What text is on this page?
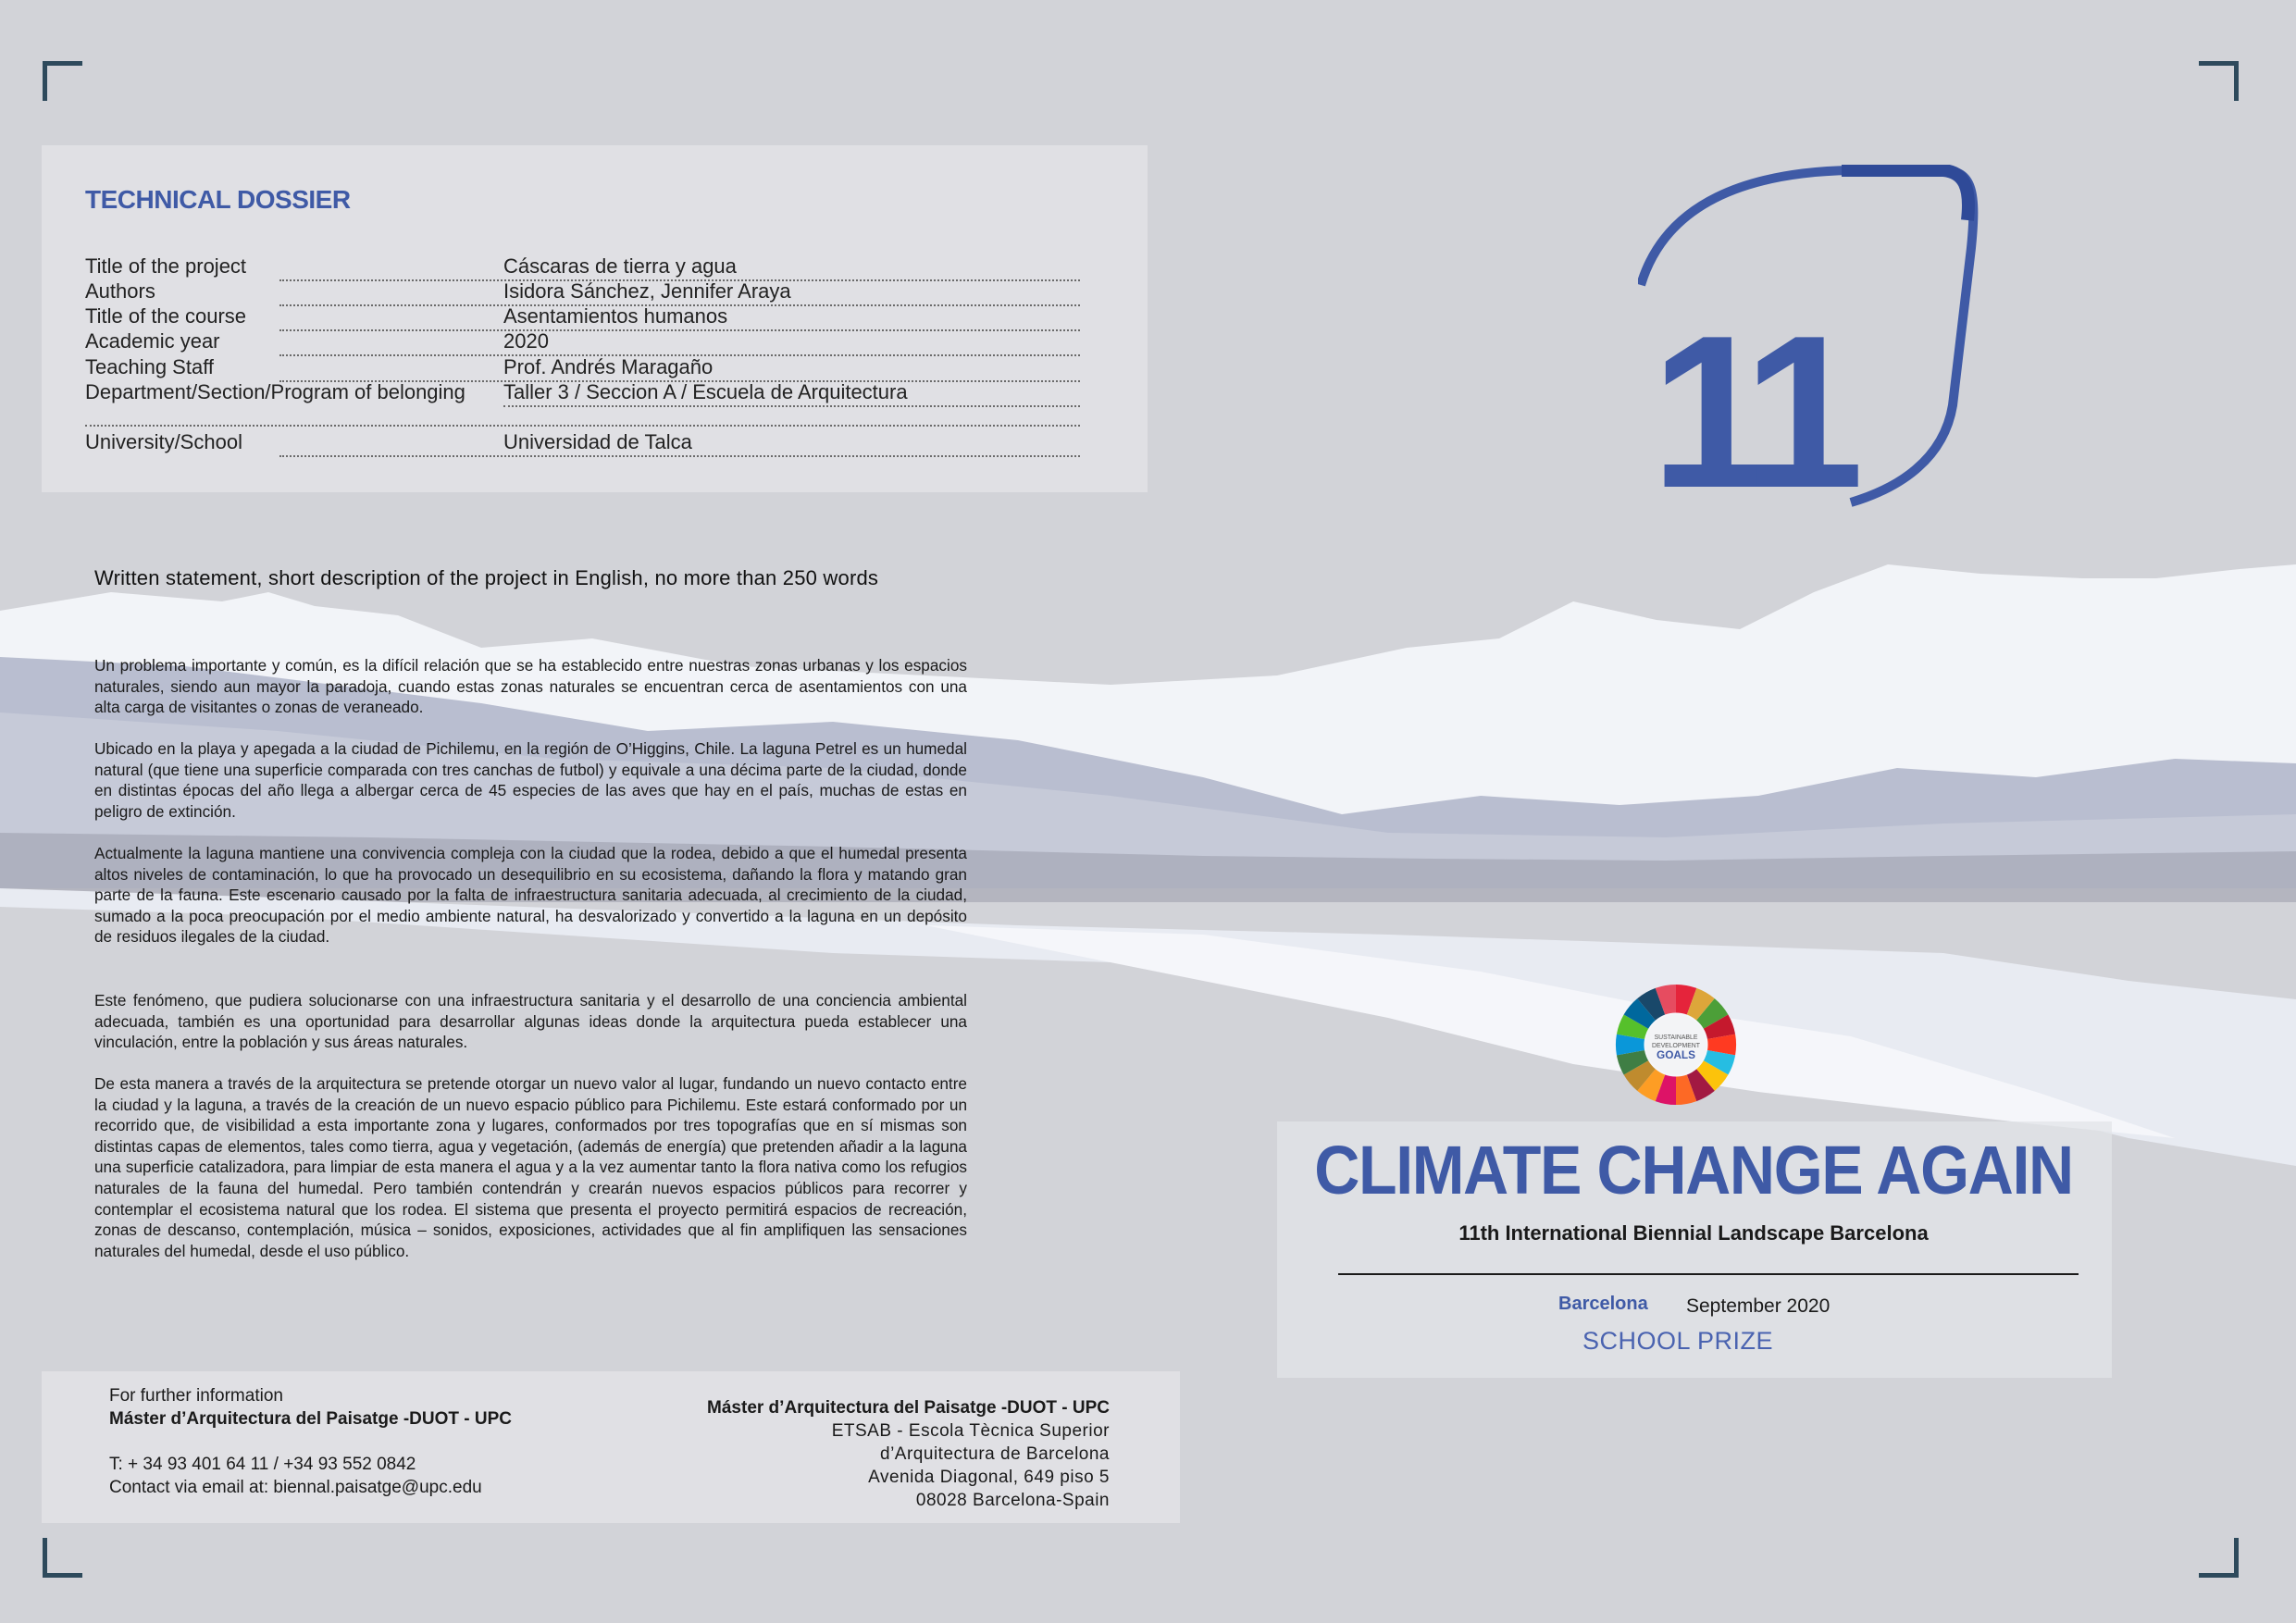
TECHNICAL DOSSIER
Title of the project	Cáscaras de tierra y agua
Authors	Isidora Sánchez, Jennifer Araya
Title of the course	Asentamientos humanos
Academic year	2020
Teaching Staff	Prof. Andrés Maragaño
Department/Section/Program of belonging Taller 3 / Seccion A / Escuela de Arquitectura
University/School	Universidad de Talca
Written statement, short description of the project in English, no more than 250 words
Un problema importante y común, es la difícil relación que se ha establecido entre nuestras zonas urbanas y los espacios naturales, siendo aun mayor la paradoja, cuando estas zonas naturales se encuentran cerca de asentamientos con una alta carga de visitantes o zonas de veraneado.
Ubicado en la playa y apegada a la ciudad de Pichilemu, en la región de O’Higgins, Chile. La laguna Petrel es un humedal natural (que tiene una superficie comparada con tres canchas de futbol) y equivale a una décima parte de la ciudad, donde en distintas épocas del año llega a albergar cerca de 45 especies de las aves que hay en el país, muchas de estas en peligro de extinción.
Actualmente la laguna mantiene una convivencia compleja con la ciudad que la rodea, debido a que el humedal presenta altos niveles de contaminación, lo que ha provocado un desequilibrio en su ecosistema, dañando la flora y matando gran parte de la fauna. Este escenario causado por la falta de infraestructura sanitaria adecuada, al crecimiento de la ciudad, sumado a la poca preocupación por el medio ambiente natural, ha desvalorizado y convertido a la laguna en un depósito de residuos ilegales de la ciudad.
Este fenómeno, que pudiera solucionarse con una infraestructura sanitaria y el desarrollo de una conciencia ambiental adecuada, también es una oportunidad para desarrollar algunas ideas donde la arquitectura pueda establecer una vinculación, entre la población y sus áreas naturales.
De esta manera a través de la arquitectura se pretende otorgar un nuevo valor al lugar, fundando un nuevo contacto entre la ciudad y la laguna, a través de la creación de un nuevo espacio público para Pichilemu. Este estará conformado por un recorrido que, de visibilidad a esta importante zona y lugares, conformados por tres topografías que en sí mismas son distintas capas de elementos, tales como tierra, agua y vegetación, (además de energía) que pretenden añadir a la laguna una superficie catalizadora, para limpiar de esta manera el agua y a la vez aumentar tanto la flora nativa como los refugios naturales de la fauna del humedal. Pero también contendrán y crearán nuevos espacios públicos para recorrer y contemplar el ecosistema natural que los rodea. El sistema que presenta el proyecto permitirá espacios de recreación, zonas de descanso, contemplación, música – sonidos, exposiciones, actividades que al fin amplifiquen las sensaciones naturales del humedal, desde el uso público.
11
SUSTAINABLE
DEVELOPMENT
GOALS
CLIMATE CHANGE AGAIN
11th International Biennial Landscape Barcelona
Barcelona September 2020
SCHOOL PRIZE
For further information
Máster d’Arquitectura del Paisatge -DUOT - UPC
T: + 34 93 401 64 11 / +34 93 552 0842
Contact via email at: biennal.paisatge@upc.edu
Máster d’Arquitectura del Paisatge -DUOT - UPC
ETSAB - Escola Tècnica Superior
d’Arquitectura de Barcelona
Avenida Diagonal, 649 piso 5
08028 Barcelona-Spain
